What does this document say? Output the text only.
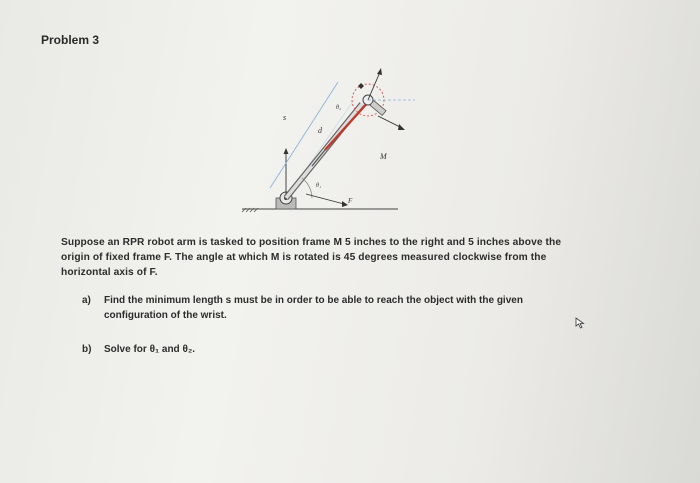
Problem 3
s
d
θ₂
θ₁
F
M
Suppose an RPR robot arm is tasked to position frame M 5 inches to the right and 5 inches above the origin of fixed frame F. The angle at which M is rotated is 45 degrees measured clockwise from the horizontal axis of F.
a) Find the minimum length s must be in order to be able to reach the object with the given
configuration of the wrist.
b) Solve for θ₁ and θ₂.
